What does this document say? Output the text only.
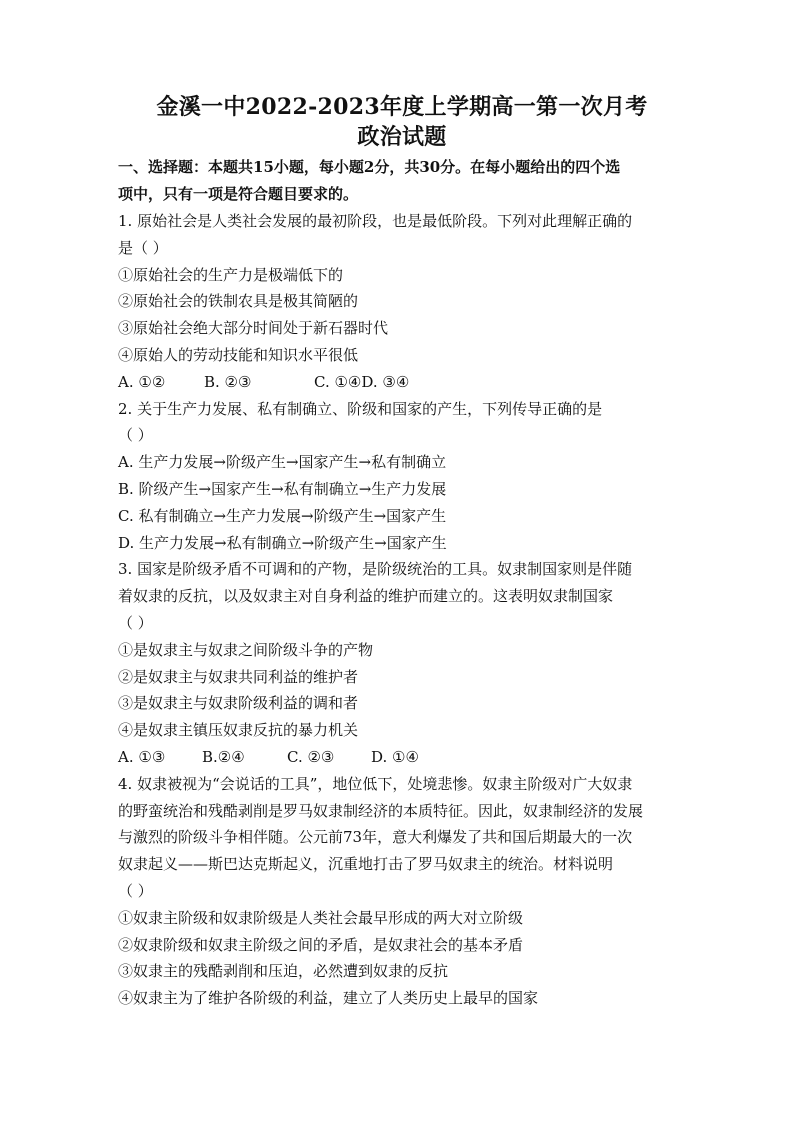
金溪一中2022-2023年度上学期高一第一次月考
政治试题
一、选择题：本题共15小题，每小题2分，共30分。在每小题给出的四个选
项中，只有一项是符合题目要求的。
1. 原始社会是人类社会发展的最初阶段，也是最低阶段。下列对此理解正确的
是（ ）
①原始社会的生产力是极端低下的
②原始社会的铁制农具是极其简陋的
③原始社会绝大部分时间处于新石器时代
④原始人的劳动技能和知识水平很低
A. ①②	B. ②③	C. ①④D. ③④
2. 关于生产力发展、私有制确立、阶级和国家的产生，下列传导正确的是
（ ）
A. 生产力发展→阶级产生→国家产生→私有制确立
B. 阶级产生→国家产生→私有制确立→生产力发展
C. 私有制确立→生产力发展→阶级产生→国家产生
D. 生产力发展→私有制确立→阶级产生→国家产生
3. 国家是阶级矛盾不可调和的产物，是阶级统治的工具。奴隶制国家则是伴随
着奴隶的反抗，以及奴隶主对自身利益的维护而建立的。这表明奴隶制国家
（ ）
①是奴隶主与奴隶之间阶级斗争的产物
②是奴隶主与奴隶共同利益的维护者
③是奴隶主与奴隶阶级利益的调和者
④是奴隶主镇压奴隶反抗的暴力机关
A. ①③ B.②④	C. ②③ D. ①④
4. 奴隶被视为“会说话的工具”，地位低下，处境悲惨。奴隶主阶级对广大奴隶
的野蛮统治和残酷剥削是罗马奴隶制经济的本质特征。因此，奴隶制经济的发展
与激烈的阶级斗争相伴随。公元前73年，意大利爆发了共和国后期最大的一次
奴隶起义——斯巴达克斯起义，沉重地打击了罗马奴隶主的统治。材料说明
（ ）
①奴隶主阶级和奴隶阶级是人类社会最早形成的两大对立阶级
②奴隶阶级和奴隶主阶级之间的矛盾，是奴隶社会的基本矛盾
③奴隶主的残酷剥削和压迫，必然遭到奴隶的反抗
④奴隶主为了维护各阶级的利益，建立了人类历史上最早的国家
